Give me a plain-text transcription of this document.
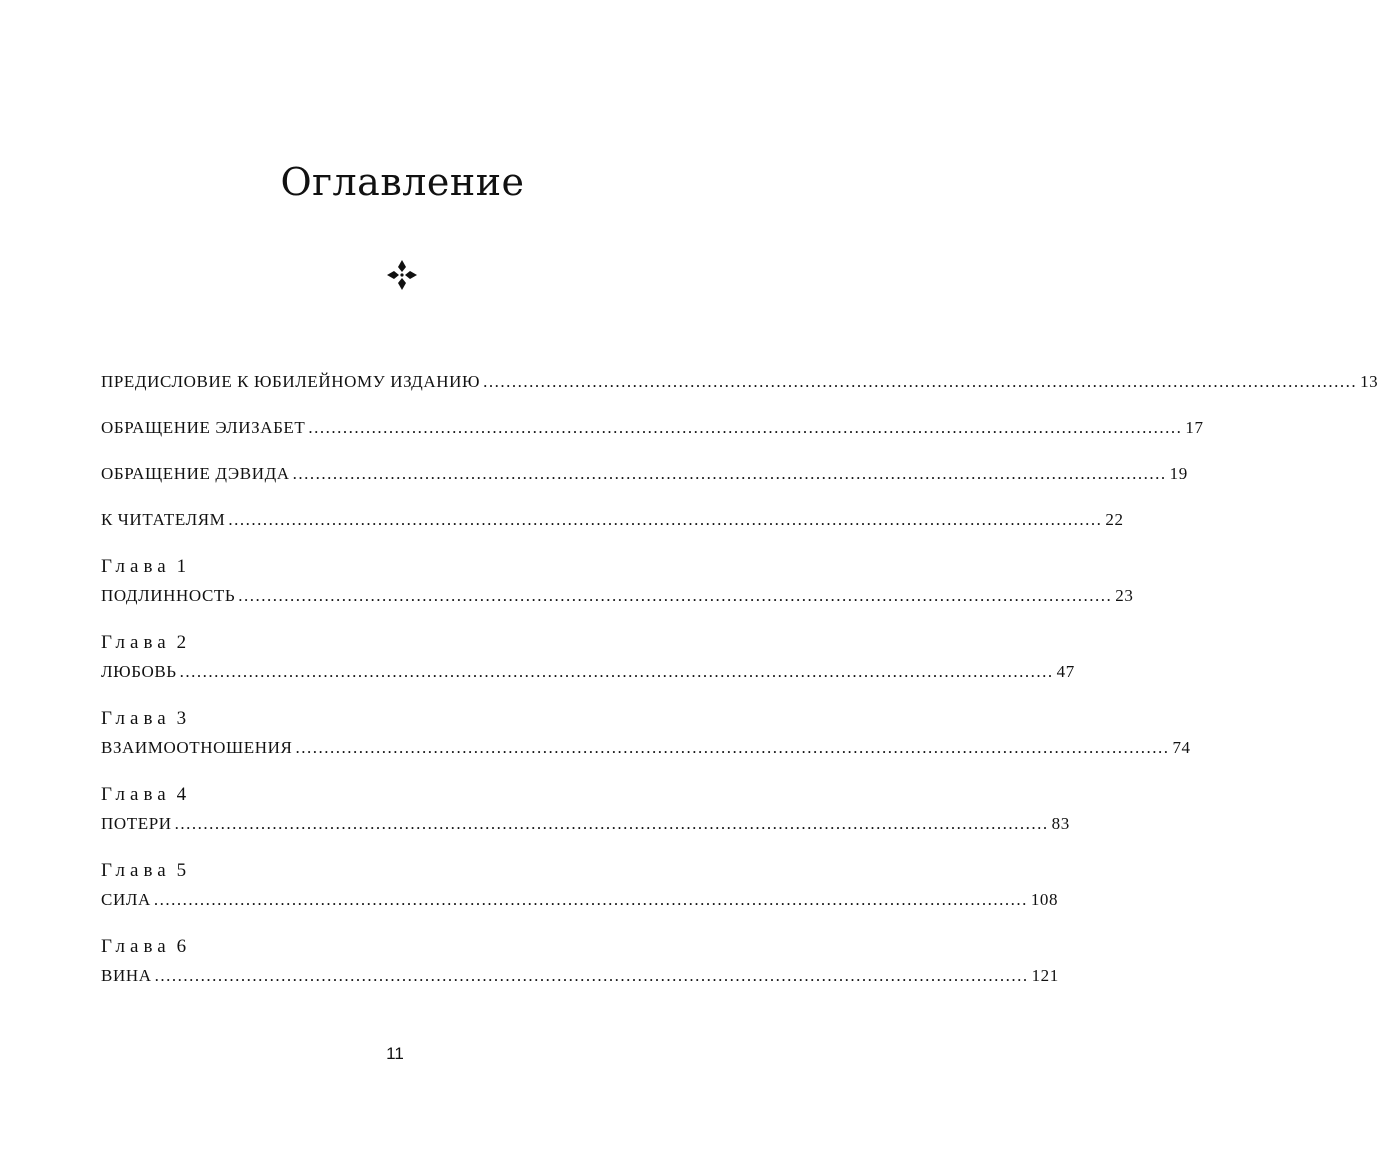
Оглавление
ПРЕДИСЛОВИЕ К ЮБИЛЕЙНОМУ ИЗДАНИЮ ........................................................................................................................................................ 13
ОБРАЩЕНИЕ ЭЛИЗАБЕТ ........................................................................................................................................................ 17
ОБРАЩЕНИЕ ДЭВИДА ........................................................................................................................................................ 19
К ЧИТАТЕЛЯМ ........................................................................................................................................................ 22
Глава 1
ПОДЛИННОСТЬ ........................................................................................................................................................ 23
Глава 2
ЛЮБОВЬ ........................................................................................................................................................ 47
Глава 3
ВЗАИМООТНОШЕНИЯ ........................................................................................................................................................ 74
Глава 4
ПОТЕРИ ........................................................................................................................................................ 83
Глава 5
СИЛА ........................................................................................................................................................ 108
Глава 6
ВИНА ........................................................................................................................................................ 121
11
